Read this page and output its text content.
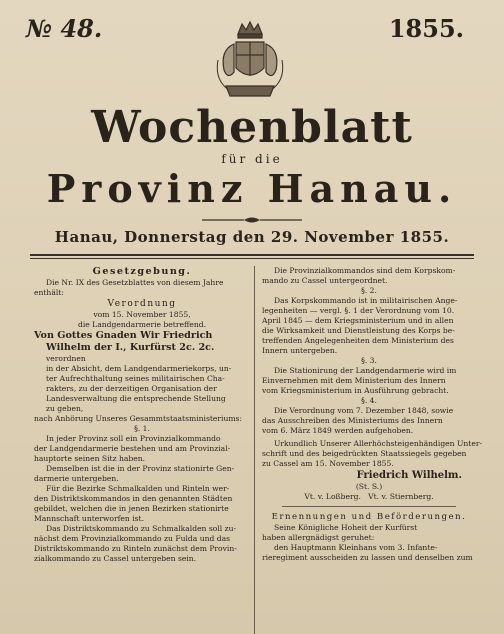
№ 48.	1855.
Wochenblatt
für die
Provinz Hanau.
Hanau, Donnerstag den 29. November 1855.
Gesetzgebung.
Die Nr. IX des Gesetzblattes von diesem Jahre
enthält:
Verordnung
vom 15. November 1855,
die Landgendarmerie betreffend.
Von Gottes Gnaden Wir Friedrich
Wilhelm der I., Kurfürst 2c. 2c.
verordnen
in der Absicht, dem Landgendarmeriekorps, un-
ter Aufrechthaltung seines militairischen Cha-
rakters, zu der derzeitigen Organisation der
Landesverwaltung die entsprechende Stellung
zu geben,
nach Anhörung Unseres Gesammtstaatsministeriums:
§. 1.
In jeder Provinz soll ein Provinzialkommando
der Landgendarmerie bestehen und am Provinzial-
hauptorte seinen Sitz haben.
Demselben ist die in der Provinz stationirte Gen-
darmerie untergeben.
Für die Bezirke Schmalkalden und Rinteln wer-
den Distriktskommandos in den genannten Städten
gebildet, welchen die in jenen Bezirken stationirte
Mannschaft unterworfen ist.
Das Distriktskommando zu Schmalkalden soll zu-
nächst dem Provinzialkommando zu Fulda und das
Distriktskommando zu Rinteln zunächst dem Provin-
zialkommando zu Cassel untergeben sein.
Die Provinzialkommandos sind dem Korpskom-
mando zu Cassel untergeordnet.
§. 2.
Das Korpskommando ist in militairischen Ange-
legenheiten — vergl. §. 1 der Verordnung vom 10.
April 1845 — dem Kriegsministerium und in allen
die Wirksamkeit und Dienstleistung des Korps be-
treffenden Angelegenheiten dem Ministerium des
Innern untergeben.
§. 3.
Die Stationirung der Landgendarmerie wird im
Einvernehmen mit dem Ministerium des Innern
vom Kriegsministerium in Ausführung gebracht.
§. 4.
Die Verordnung vom 7. Dezember 1848, sowie
das Ausschreiben des Ministeriums des Innern
vom 6. März 1849 werden aufgehoben.
Urkundlich Unserer Allerhöchsteigenhändigen Unter-
schrift und des beigedrückten Staatssiegels gegeben
zu Cassel am 15. November 1855.
Friedrich Wilhelm.
(St. S.)
Vt. v. Loßberg.   Vt. v. Stiernberg.
Ernennungen und Beförderungen.
Seine Königliche Hoheit der Kurfürst
haben allergnädigst geruhet:
den Hauptmann Kleinhans vom 3. Infante-
rieregiment ausscheiden zu lassen und denselben zum
